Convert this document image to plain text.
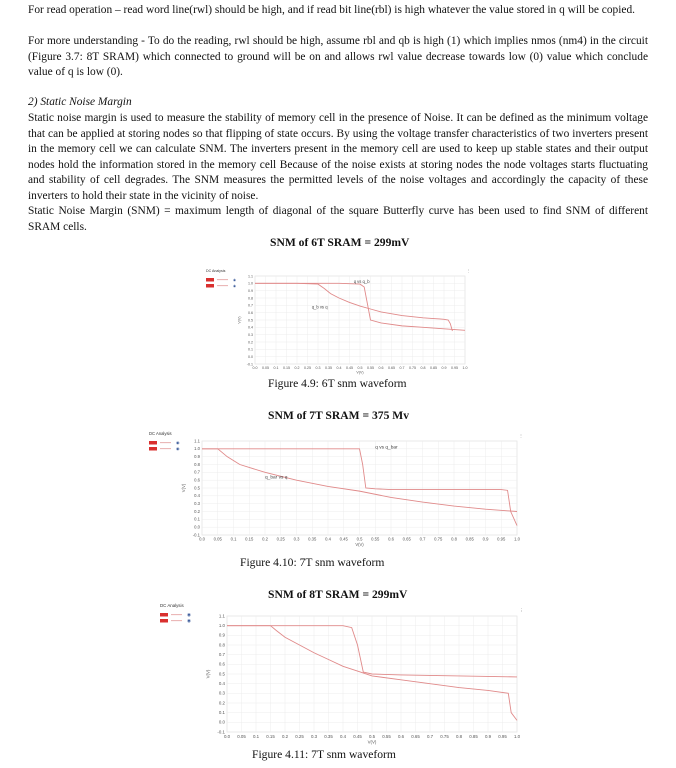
For read operation – read word line(rwl) should be high, and if read bit line(rbl) is high whatever the value stored in q will be copied.

For more understanding - To do the reading, rwl should be high, assume rbl and qb is high (1) which implies nmos (nm4) in the circuit (Figure 3.7: 8T SRAM) which connected to ground will be on and allows rwl value decrease towards low (0) value which conclude value of q is low (0).

2) Static Noise Margin

Static noise margin is used to measure the stability of memory cell in the presence of Noise. It can be defined as the minimum voltage that can be applied at storing nodes so that flipping of state occurs. By using the voltage transfer characteristics of two inverters present in the memory cell we can calculate SNM. The inverters present in the memory cell are used to keep up stable states and their output nodes hold the information stored in the memory cell Because of the noise exists at storing nodes the node voltages starts fluctuating and stability of cell degrades. The SNM measures the permitted levels of the noise voltages and accordingly the capacity of these inverters to hold their state in the vicinity of noise.

Static Noise Margin (SNM) = maximum length of diagonal of the square Butterfly curve has been used to find SNM of different SRAM cells.

SNM of 6T SRAM = 299mV

DC Analysis
◉
◉
-0.1
0.0
0.1
0.2
0.3
0.4
0.5
0.6
0.7
0.8
0.9
1.0
1.1
0.0 0.05 0.1 0.15 0.2 0.25 0.3 0.35 0.4 0.45 0.5 0.55 0.6 0.65 0.7 0.75 0.8 0.85 0.9 0.95 1.0
V(V)
V(V)
q vs q_b
q_b vs q
⋮

Figure 4.9: 6T snm waveform

SNM of 7T SRAM = 375 Mv

DC Analysis
◉
◉
-0.1
0.0
0.1
0.2
0.3
0.4
0.5
0.6
0.7
0.8
0.9
1.0
1.1
0.0 0.05 0.1 0.15 0.2 0.25 0.3 0.35 0.4 0.45 0.5 0.55 0.6 0.65 0.7 0.75 0.8 0.85 0.9 0.95 1.0
V(V)
V(V)
q vs q_bar
q_bar vs q
⋮

Figure 4.10: 7T snm waveform

SNM of 8T SRAM = 299mV

DC Analysis
◉
◉
-0.1
0.0
0.1
0.2
0.3
0.4
0.5
0.6
0.7
0.8
0.9
1.0
1.1
0.0 0.05 0.1 0.15 0.2 0.25 0.3 0.35 0.4 0.45 0.5 0.55 0.6 0.65 0.7 0.75 0.8 0.85 0.9 0.95 1.0
V(V)
V(V)
⋮

Figure 4.11: 7T snm waveform
